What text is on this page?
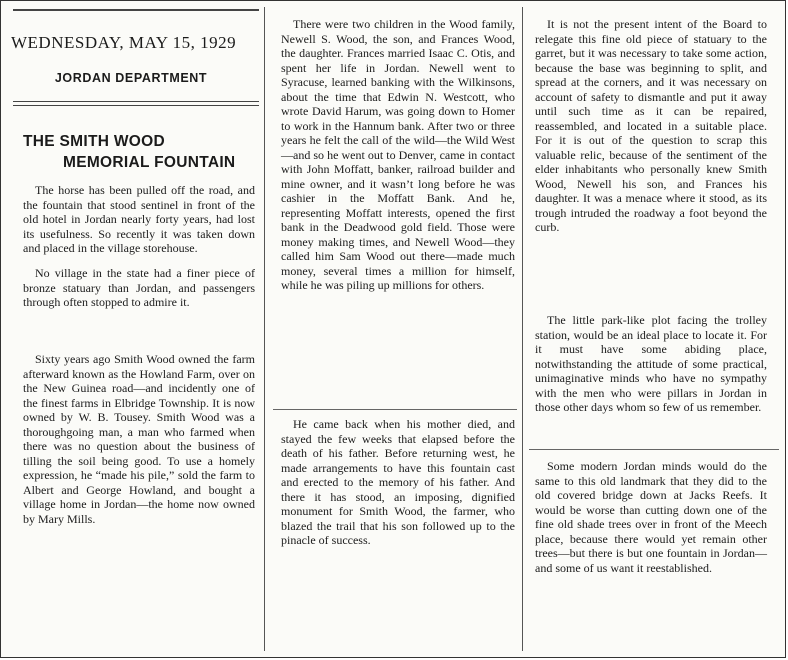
WEDNESDAY, MAY 15, 1929
JORDAN DEPARTMENT
THE SMITH WOOD
MEMORIAL FOUNTAIN

The horse has been pulled off the road, and the fountain that stood sentinel in front of the old hotel in Jordan nearly forty years, had lost its usefulness. So recently it was taken down and placed in the village storehouse.

No village in the state had a finer piece of bronze statuary than Jordan, and passengers through often stopped to admire it.

Sixty years ago Smith Wood owned the farm afterward known as the Howland Farm, over on the New Guinea road—and incidently one of the finest farms in Elbridge Township. It is now owned by W. B. Tousey. Smith Wood was a thoroughgoing man, a man who farmed when there was no question about the business of tilling the soil being good. To use a homely expression, he “made his pile,” sold the farm to Albert and George Howland, and bought a village home in Jordan—the home now owned by Mary Mills.

There were two children in the Wood family, Newell S. Wood, the son, and Frances Wood, the daughter. Frances married Isaac C. Otis, and spent her life in Jordan. Newell went to Syracuse, learned banking with the Wilkinsons, about the time that Edwin N. Westcott, who wrote David Harum, was going down to Homer to work in the Hannum bank. After two or three years he felt the call of the wild—the Wild West—and so he went out to Denver, came in contact with John Moffatt, banker, railroad builder and mine owner, and it wasn’t long before he was cashier in the Moffatt Bank. And he, representing Moffatt interests, opened the first bank in the Deadwood gold field. Those were money making times, and Newell Wood—they called him Sam Wood out there—made much money, several times a million for himself, while he was piling up millions for others.

He came back when his mother died, and stayed the few weeks that elapsed before the death of his father. Before returning west, he made arrangements to have this fountain cast and erected to the memory of his father. And there it has stood, an imposing, dignified monument for Smith Wood, the farmer, who blazed the trail that his son followed up to the pinacle of success.

It is not the present intent of the Board to relegate this fine old piece of statuary to the garret, but it was necessary to take some action, because the base was beginning to split, and spread at the corners, and it was necessary on account of safety to dismantle and put it away until such time as it can be repaired, reassembled, and located in a suitable place. For it is out of the question to scrap this valuable relic, because of the sentiment of the elder inhabitants who personally knew Smith Wood, Newell his son, and Frances his daughter. It was a menace where it stood, as its trough intruded the roadway a foot beyond the curb.

The little park-like plot facing the trolley station, would be an ideal place to locate it. For it must have some abiding place, notwithstanding the attitude of some practical, unimaginative minds who have no sympathy with the men who were pillars in Jordan in those other days whom so few of us remember.

Some modern Jordan minds would do the same to this old landmark that they did to the old covered bridge down at Jacks Reefs. It would be worse than cutting down one of the fine old shade trees over in front of the Meech place, because there would yet remain other trees—but there is but one fountain in Jordan—and some of us want it reestablished.
